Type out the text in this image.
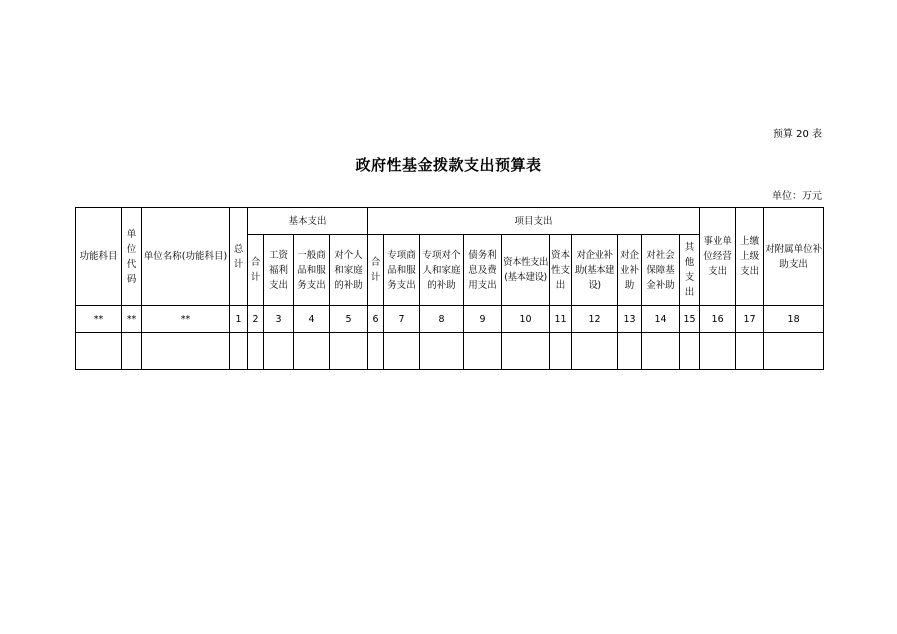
预算 20 表
政府性基金拨款支出预算表
单位：万元
功能科目	单位代码	单位名称(功能科目)	总计	基本支出				项目支出										事业单位经营支出	上缴上级支出	对附属单位补助支出
				合计	工资福利支出	一般商品和服务支出	对个人和家庭的补助	合计	专项商品和服务支出	专项对个人和家庭的补助	债务利息及费用支出	资本性支出(基本建设)	资本性支出	对企业补助(基本建设)	对企业补助	对社会保障基金补助	其他支出			
**	**	**	1	2	3	4	5	6	7	8	9	10	11	12	13	14	15	16	17	18
